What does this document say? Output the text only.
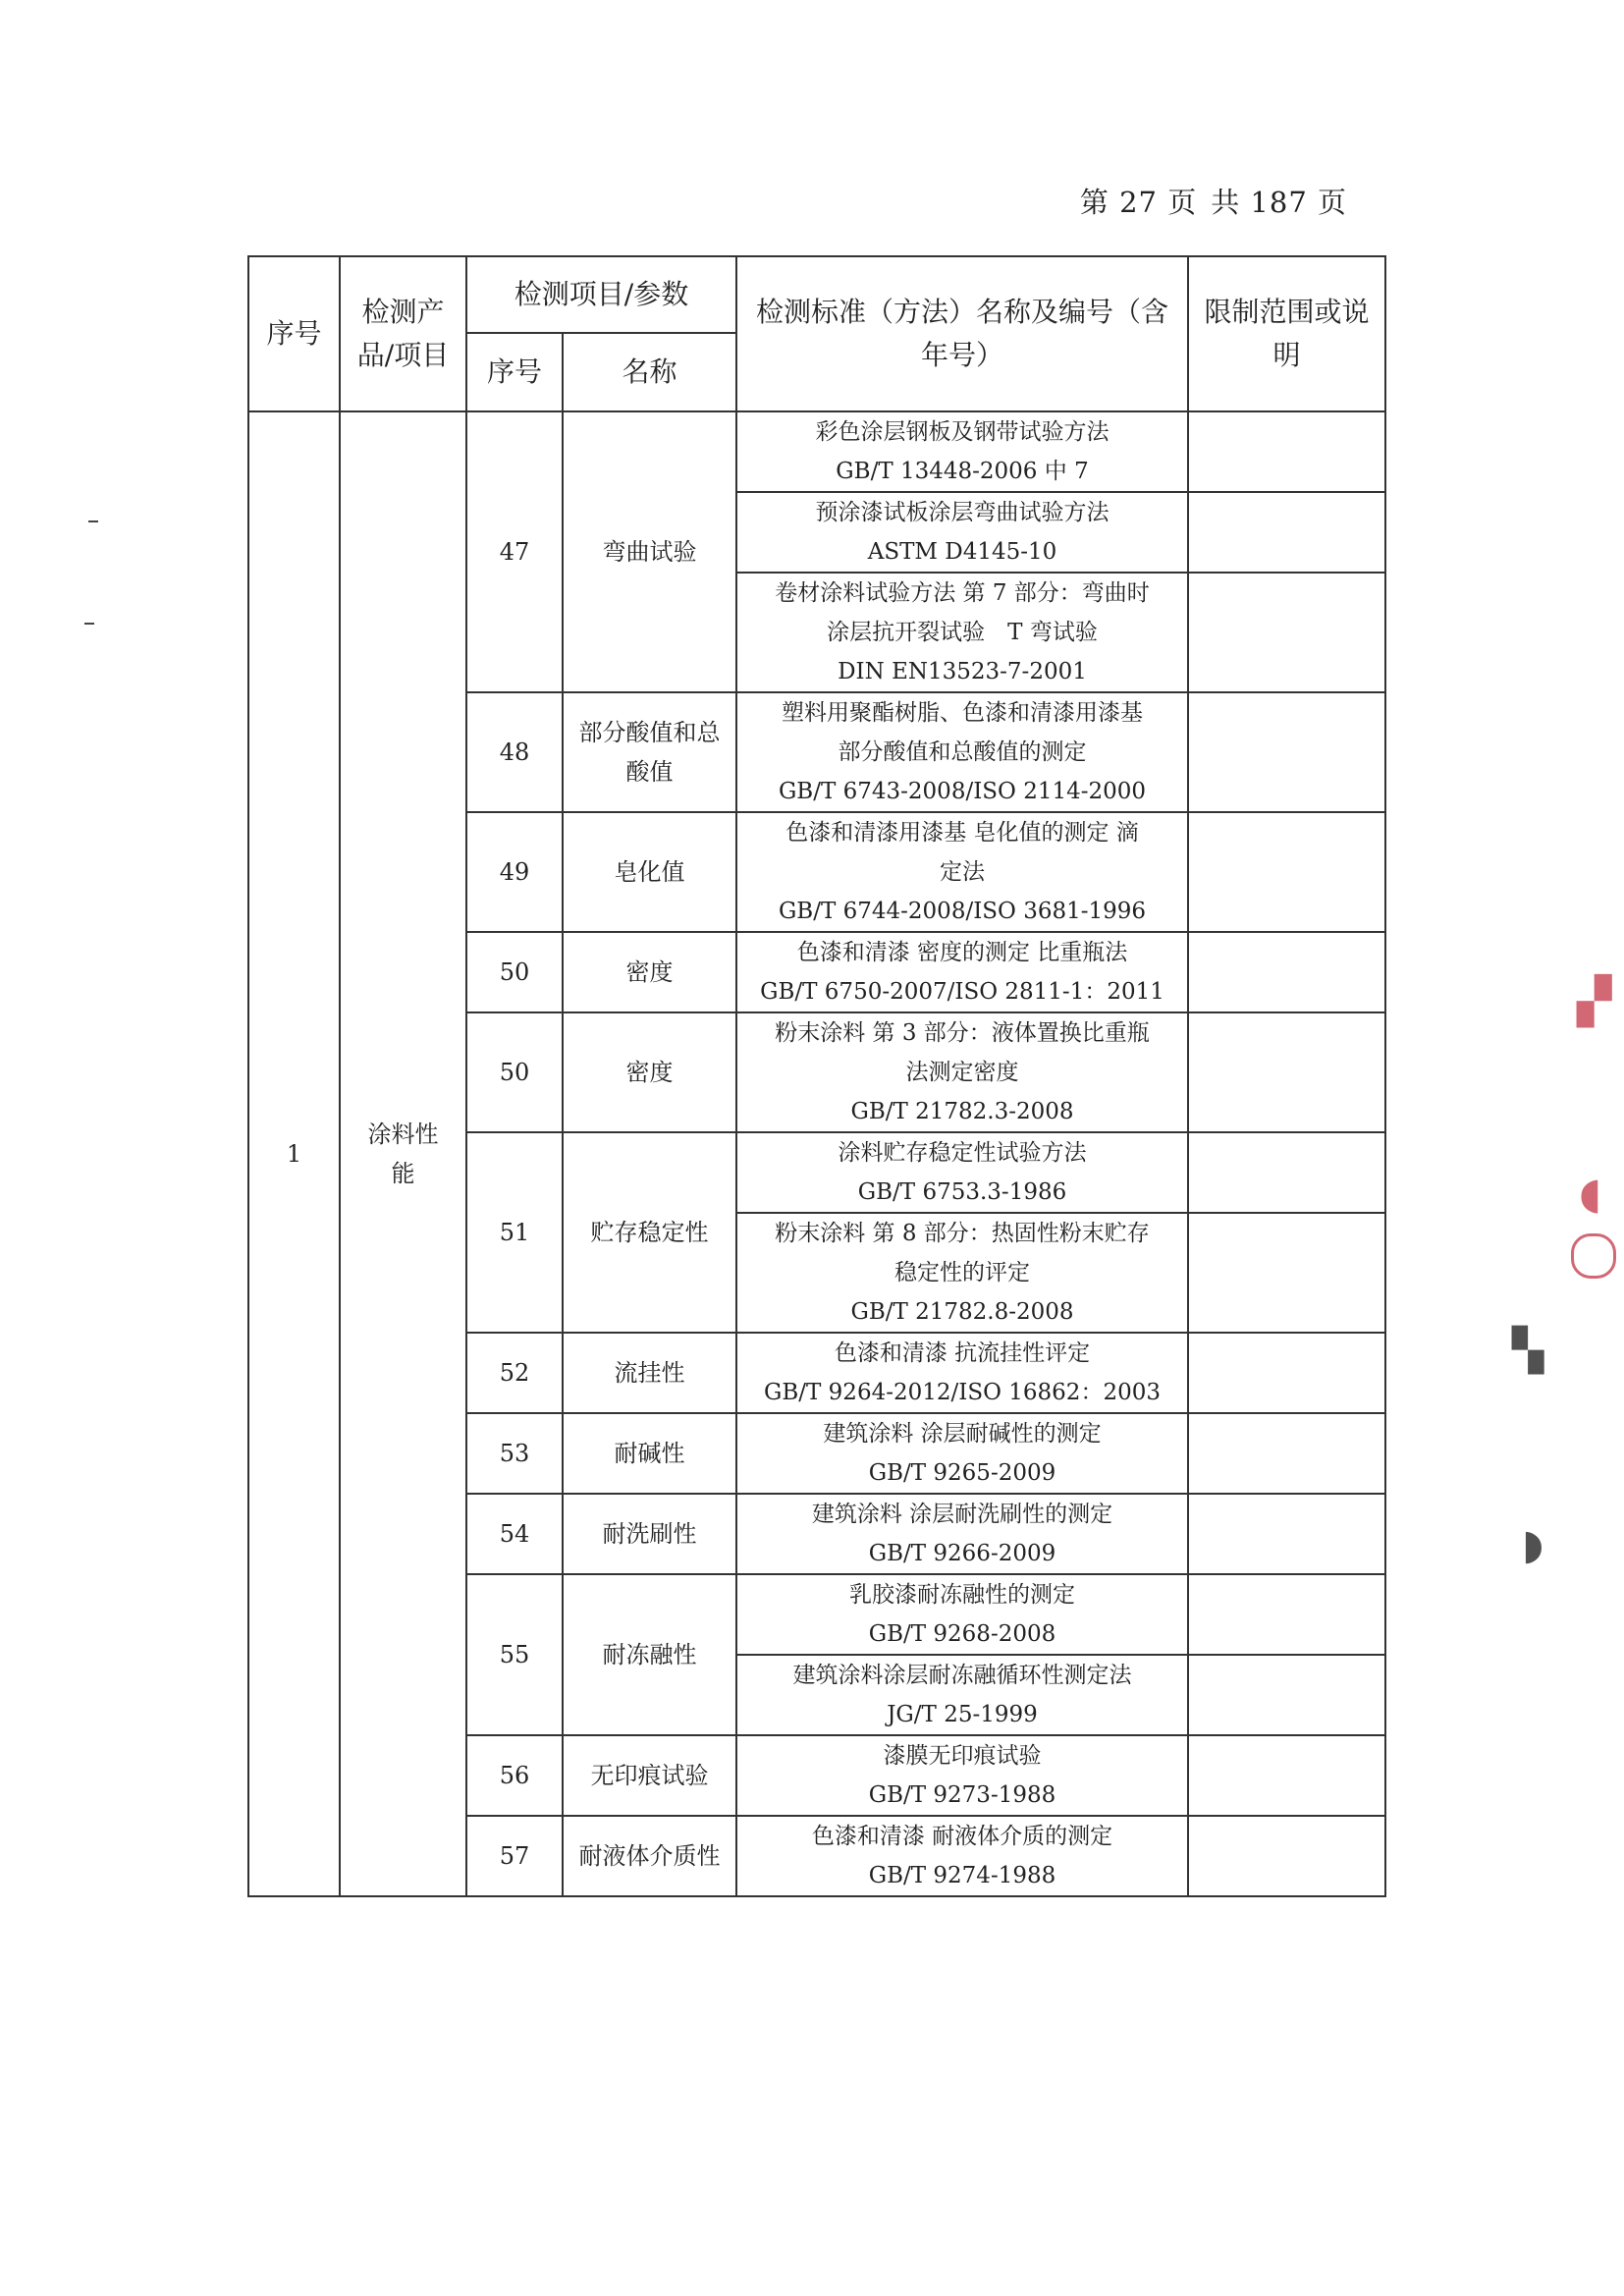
第 27 页 共 187 页
▞
◖
▚
◗
序号	检测产品/项目	检测项目/参数		检测标准（方法）名称及编号（含年号）	限制范围或说明
		序号	名称		
1	涂料性能	47	弯曲试验	彩色涂层钢板及钢带试验方法
GB/T 13448-2006 中 7	

				预涂漆试板涂层弯曲试验方法
ASTM D4145-10	

				卷材涂料试验方法 第 7 部分：弯曲时
涂层抗开裂试验　T 弯试验
DIN EN13523-7-2001	

		48	部分酸值和总酸值	塑料用聚酯树脂、色漆和清漆用漆基
部分酸值和总酸值的测定
GB/T 6743-2008/ISO 2114-2000	

		49	皂化值	色漆和清漆用漆基 皂化值的测定 滴
定法
GB/T 6744-2008/ISO 3681-1996	

		50	密度	色漆和清漆 密度的测定 比重瓶法
GB/T 6750-2007/ISO 2811-1：2011	

		50	密度	粉末涂料 第 3 部分：液体置换比重瓶
法测定密度
GB/T 21782.3-2008	

		51	贮存稳定性	涂料贮存稳定性试验方法
GB/T 6753.3-1986	

				粉末涂料 第 8 部分：热固性粉末贮存
稳定性的评定
GB/T 21782.8-2008	

		52	流挂性	色漆和清漆 抗流挂性评定
GB/T 9264-2012/ISO 16862：2003	

		53	耐碱性	建筑涂料 涂层耐碱性的测定
GB/T 9265-2009	

		54	耐洗刷性	建筑涂料 涂层耐洗刷性的测定
GB/T 9266-2009	

		55	耐冻融性	乳胶漆耐冻融性的测定
GB/T 9268-2008	

				建筑涂料涂层耐冻融循环性测定法
JG/T 25-1999	

		56	无印痕试验	漆膜无印痕试验
GB/T 9273-1988	

		57	耐液体介质性	色漆和清漆 耐液体介质的测定
GB/T 9274-1988	
